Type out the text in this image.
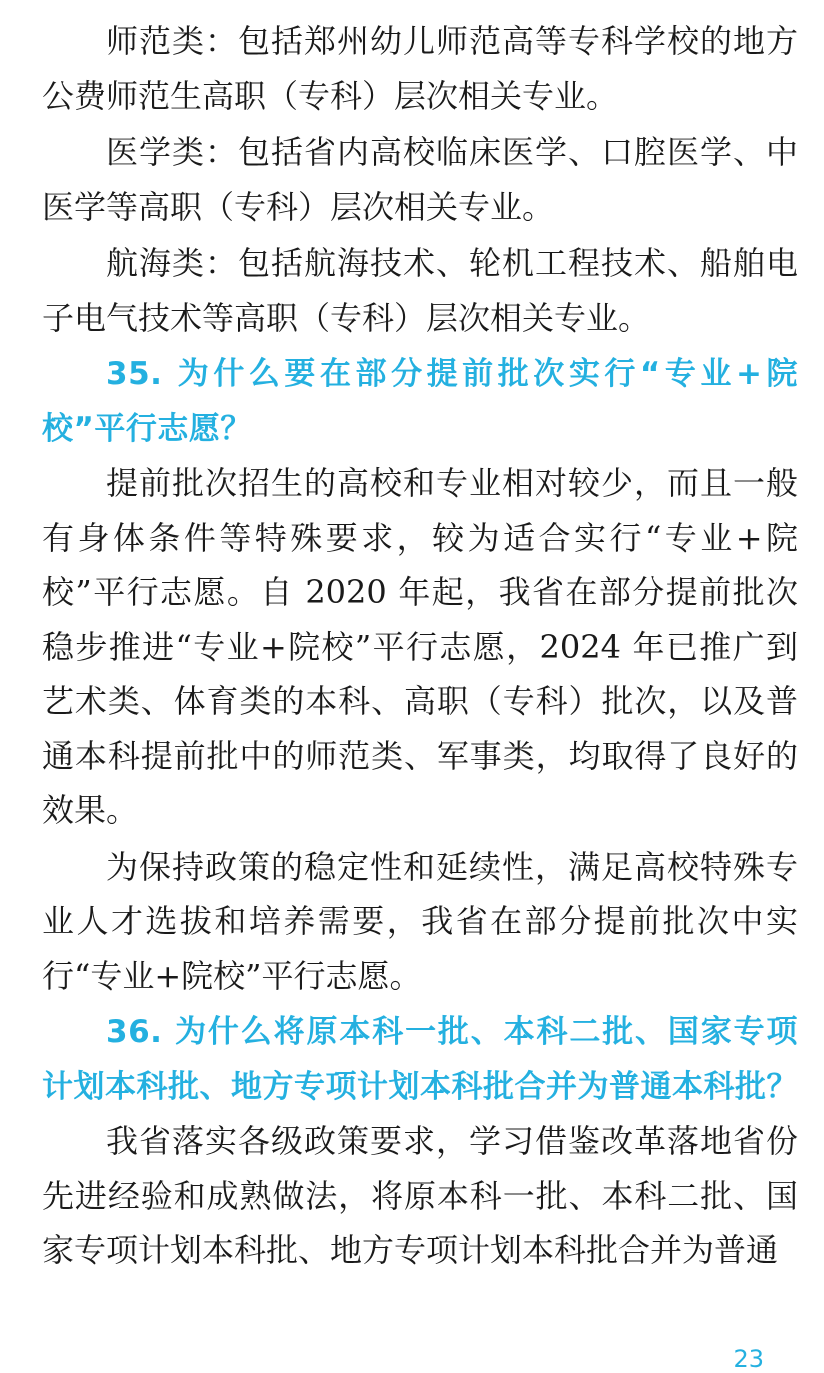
师范类：包括郑州幼儿师范高等专科学校的地方公费师范生高职（专科）层次相关专业。

医学类：包括省内高校临床医学、口腔医学、中医学等高职（专科）层次相关专业。

航海类：包括航海技术、轮机工程技术、船舶电子电气技术等高职（专科）层次相关专业。

35. 为什么要在部分提前批次实行“专业+院校”平行志愿？

提前批次招生的高校和专业相对较少，而且一般有身体条件等特殊要求，较为适合实行“专业+院校”平行志愿。自 2020 年起，我省在部分提前批次稳步推进“专业+院校”平行志愿，2024 年已推广到艺术类、体育类的本科、高职（专科）批次，以及普通本科提前批中的师范类、军事类，均取得了良好的效果。

为保持政策的稳定性和延续性，满足高校特殊专业人才选拔和培养需要，我省在部分提前批次中实行“专业+院校”平行志愿。

36. 为什么将原本科一批、本科二批、国家专项计划本科批、地方专项计划本科批合并为普通本科批？

我省落实各级政策要求，学习借鉴改革落地省份先进经验和成熟做法，将原本科一批、本科二批、国家专项计划本科批、地方专项计划本科批合并为普通

23
